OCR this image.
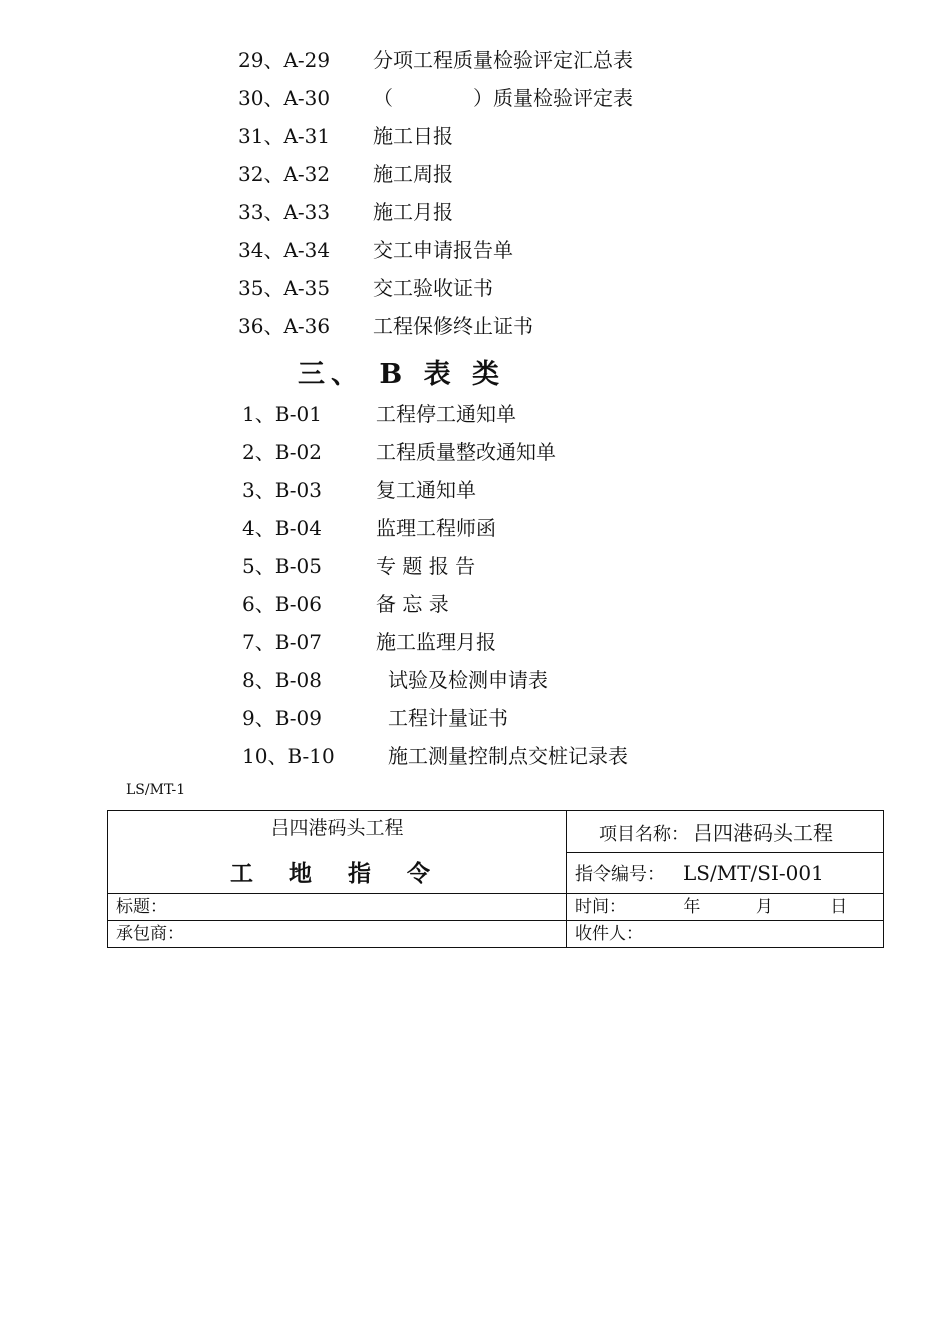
29、A-29 分项工程质量检验评定汇总表
30、A-30 （　　　　）质量检验评定表
31、A-31 施工日报
32、A-32 施工周报
33、A-33 施工月报
34、A-34 交工申请报告单
35、A-35 交工验收证书
36、A-36 工程保修终止证书
三、 B 表 类
1、B-01	工程停工通知单
2、B-02	工程质量整改通知单
3、B-03	复工通知单
4、B-04	监理工程师函
5、B-05	专 题 报 告
6、B-06	备 忘 录
7、B-07	施工监理月报
8、B-08	试验及检测申请表
9、B-09	工程计量证书
10、B-10	施工测量控制点交桩记录表
LS/MT-1
吕四港码头工程
工 地 指 令	项目名称： 吕四港码头工程
	指令编号： LS/MT/SI-001
标题：	时间： 年 月 日
承包商：	收件人：
